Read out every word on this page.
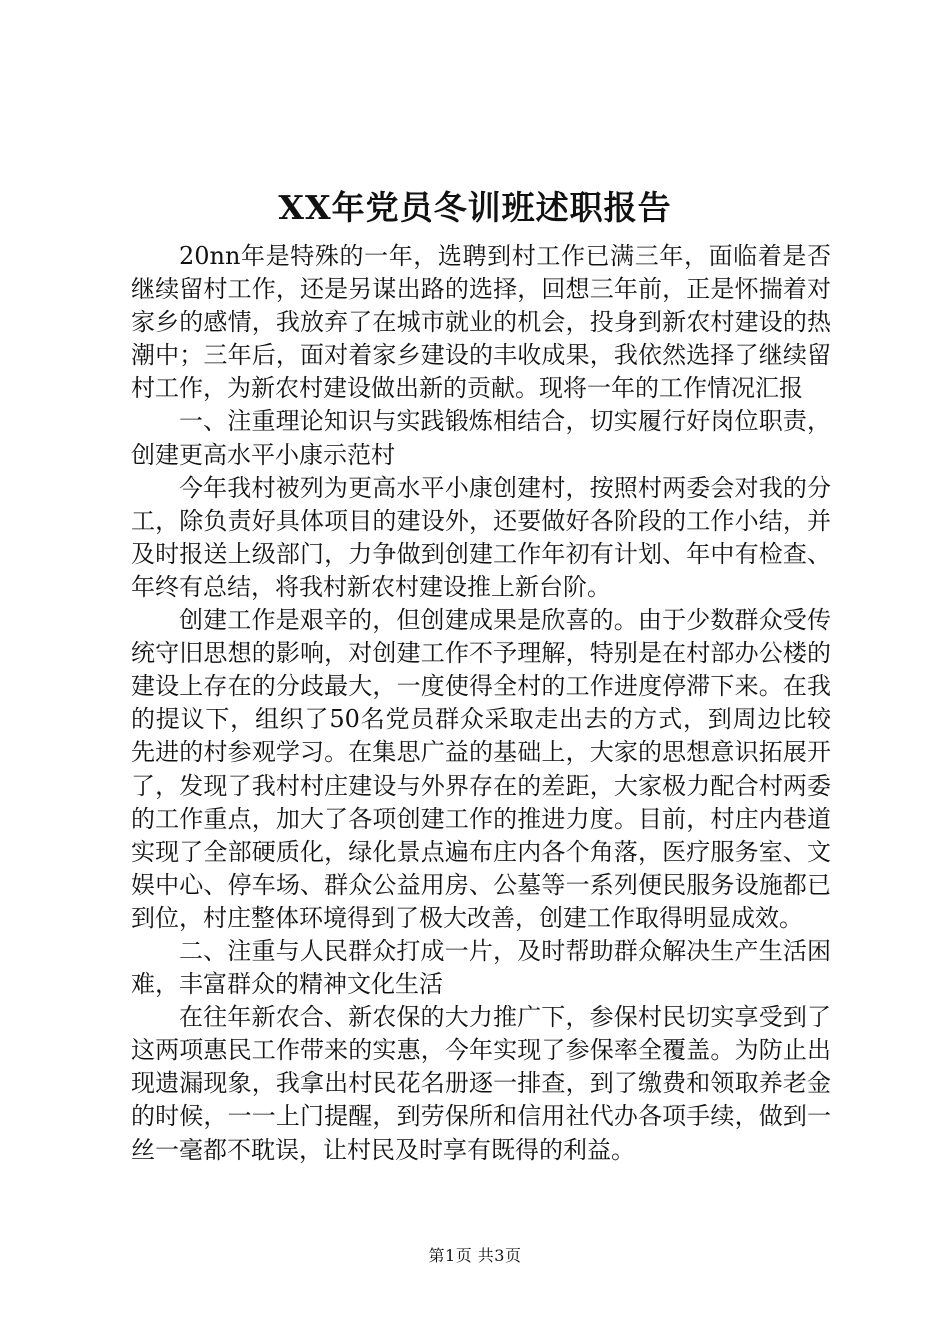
XX年党员冬训班述职报告

20nn年是特殊的一年，选聘到村工作已满三年，面临着是否继续留村工作，还是另谋出路的选择，回想三年前，正是怀揣着对家乡的感情，我放弃了在城市就业的机会，投身到新农村建设的热潮中；三年后，面对着家乡建设的丰收成果，我依然选择了继续留村工作，为新农村建设做出新的贡献。现将一年的工作情况汇报

一、注重理论知识与实践锻炼相结合，切实履行好岗位职责，创建更高水平小康示范村

今年我村被列为更高水平小康创建村，按照村两委会对我的分工，除负责好具体项目的建设外，还要做好各阶段的工作小结，并及时报送上级部门，力争做到创建工作年初有计划、年中有检查、年终有总结，将我村新农村建设推上新台阶。

创建工作是艰辛的，但创建成果是欣喜的。由于少数群众受传统守旧思想的影响，对创建工作不予理解，特别是在村部办公楼的建设上存在的分歧最大，一度使得全村的工作进度停滞下来。在我的提议下，组织了50名党员群众采取走出去的方式，到周边比较先进的村参观学习。在集思广益的基础上，大家的思想意识拓展开了，发现了我村村庄建设与外界存在的差距，大家极力配合村两委的工作重点，加大了各项创建工作的推进力度。目前，村庄内巷道实现了全部硬质化，绿化景点遍布庄内各个角落，医疗服务室、文娱中心、停车场、群众公益用房、公墓等一系列便民服务设施都已到位，村庄整体环境得到了极大改善，创建工作取得明显成效。

二、注重与人民群众打成一片，及时帮助群众解决生产生活困难，丰富群众的精神文化生活

在往年新农合、新农保的大力推广下，参保村民切实享受到了这两项惠民工作带来的实惠，今年实现了参保率全覆盖。为防止出现遗漏现象，我拿出村民花名册逐一排查，到了缴费和领取养老金的时候，一一上门提醒，到劳保所和信用社代办各项手续，做到一丝一毫都不耽误，让村民及时享有既得的利益。

第1页 共3页
